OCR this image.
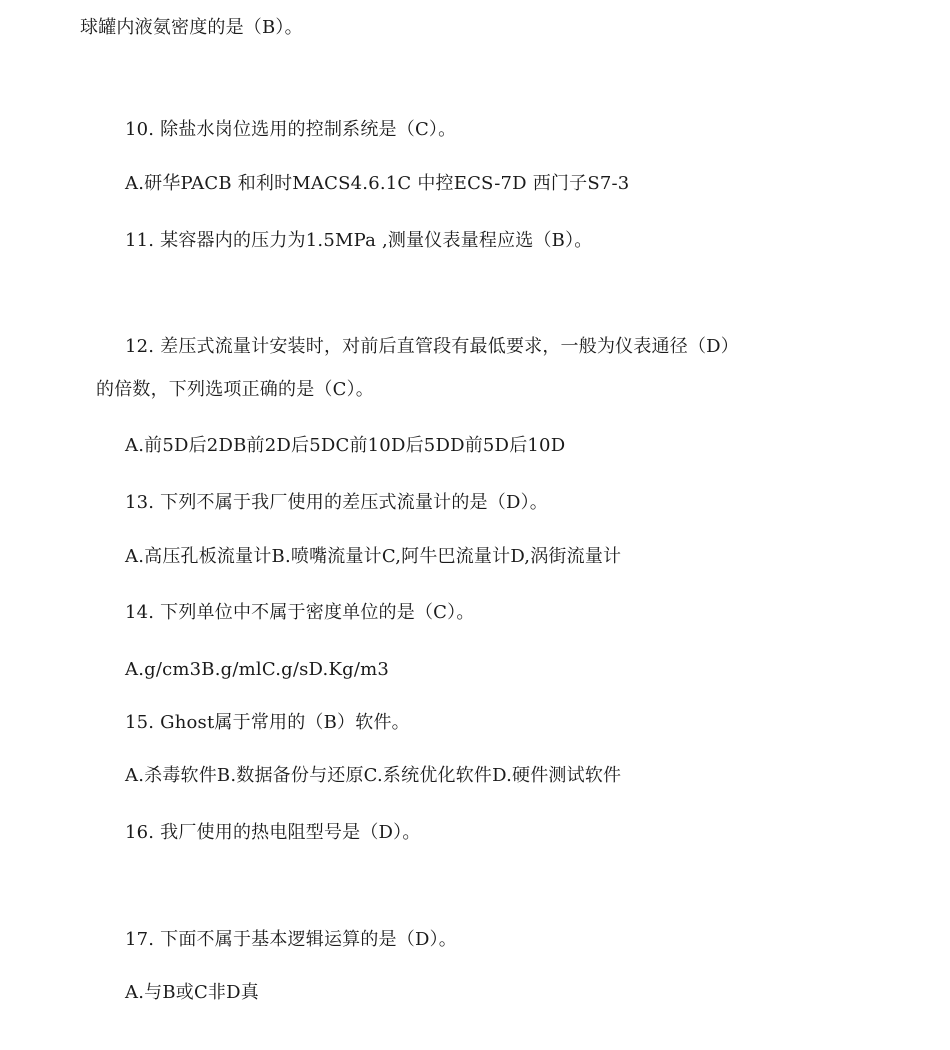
球罐内液氨密度的是（B）。
10. 除盐水岗位选用的控制系统是（C）。
A.研华PACB 和利时MACS4.6.1C 中控ECS-7D 西门子S7-3
11. 某容器内的压力为1.5MPa ,测量仪表量程应选（B）。
12. 差压式流量计安装时，对前后直管段有最低要求，一般为仪表通径（D）
的倍数，下列选项正确的是（C）。
A.前5D后2DB前2D后5DC前10D后5DD前5D后10D
13. 下列不属于我厂使用的差压式流量计的是（D）。
A.高压孔板流量计B.喷嘴流量计C,阿牛巴流量计D,涡街流量计
14. 下列单位中不属于密度单位的是（C）。
A.g/cm3B.g/mlC.g/sD.Kg/m3
15. Ghost属于常用的（B）软件。
A.杀毒软件B.数据备份与还原C.系统优化软件D.硬件测试软件
16. 我厂使用的热电阻型号是（D）。
17. 下面不属于基本逻辑运算的是（D）。
A.与B或C非D真
